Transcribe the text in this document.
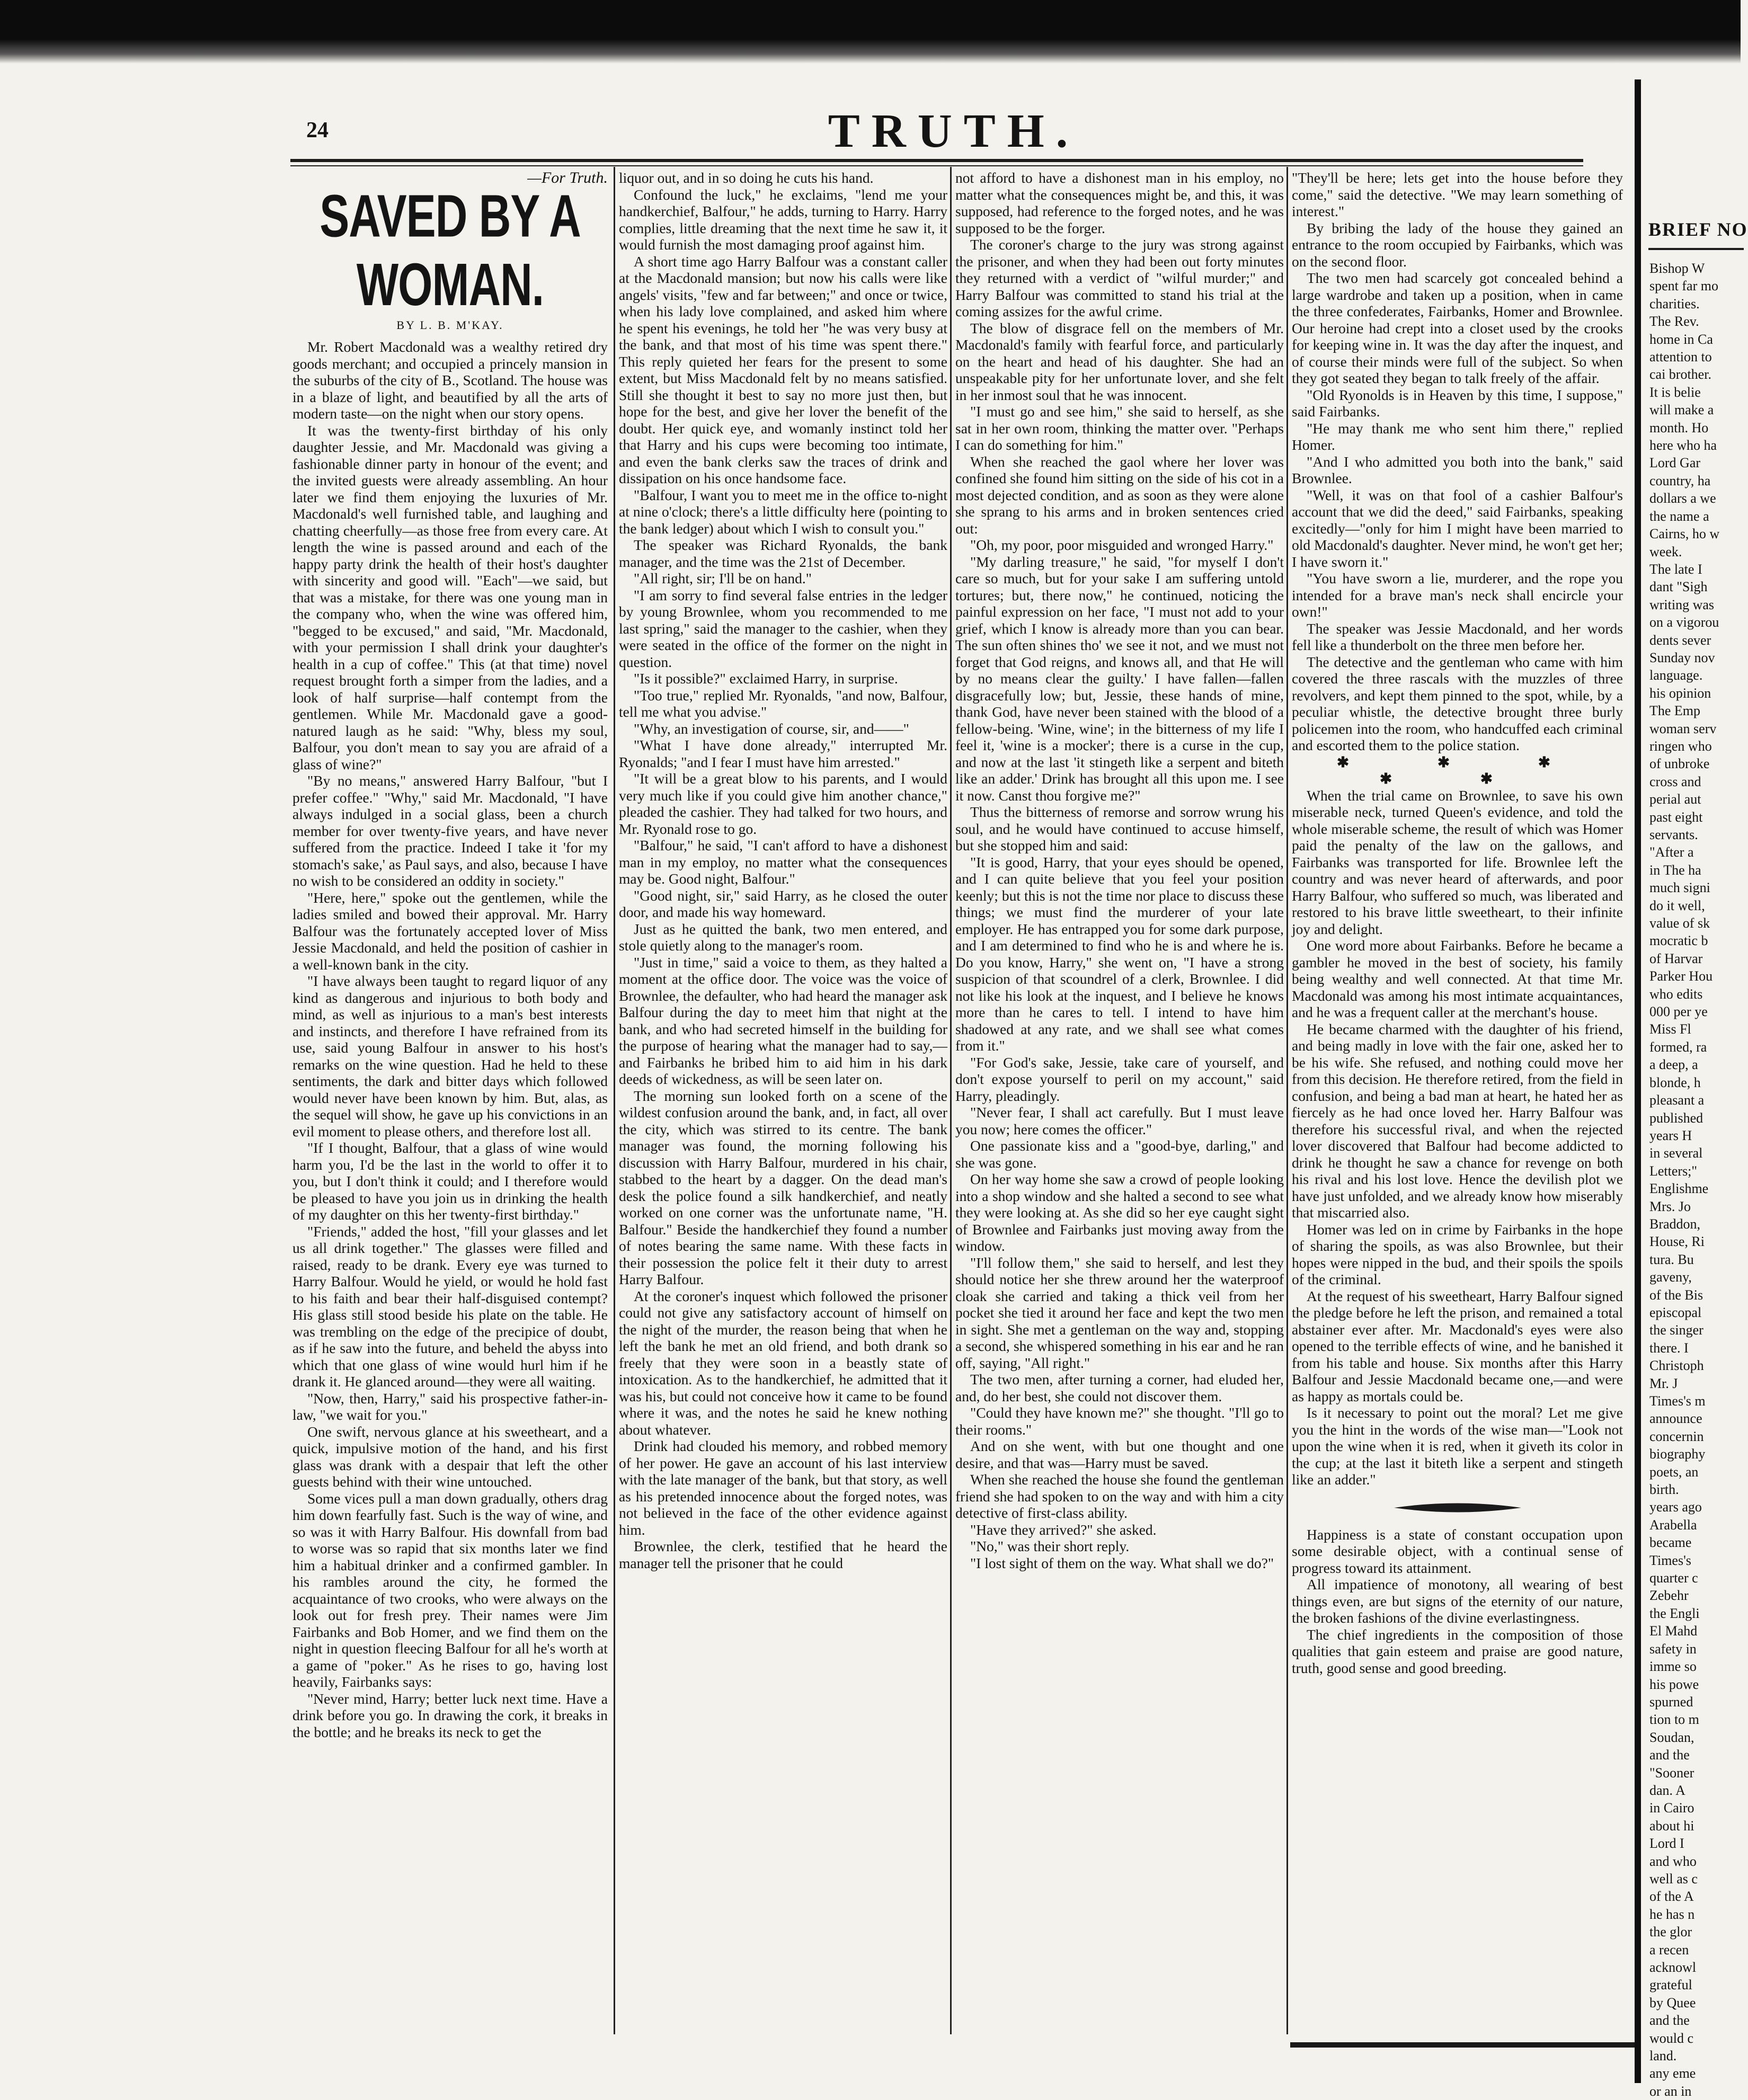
24	TRUTH.
—For Truth.
SAVED BY A WOMAN.
BY L. B. M'KAY.

Mr. Robert Macdonald was a wealthy retired dry goods merchant; and occupied a princely mansion in the suburbs of the city of B., Scotland. The house was in a blaze of light, and beautified by all the arts of modern taste—on the night when our story opens.

It was the twenty-first birthday of his only daughter Jessie, and Mr. Macdonald was giving a fashionable dinner party in honour of the event; and the invited guests were already assembling. An hour later we find them enjoying the luxuries of Mr. Macdonald's well furnished table, and laughing and chatting cheerfully—as those free from every care. At length the wine is passed around and each of the happy party drink the health of their host's daughter with sincerity and good will. "Each"—we said, but that was a mistake, for there was one young man in the company who, when the wine was offered him, "begged to be excused," and said, "Mr. Macdonald, with your permission I shall drink your daughter's health in a cup of coffee." This (at that time) novel request brought forth a simper from the ladies, and a look of half surprise—half contempt from the gentlemen. While Mr. Macdonald gave a good-natured laugh as he said: "Why, bless my soul, Balfour, you don't mean to say you are afraid of a glass of wine?"

"By no means," answered Harry Balfour, "but I prefer coffee." "Why," said Mr. Macdonald, "I have always indulged in a social glass, been a church member for over twenty-five years, and have never suffered from the practice. Indeed I take it 'for my stomach's sake,' as Paul says, and also, because I have no wish to be considered an oddity in society."

"Here, here," spoke out the gentlemen, while the ladies smiled and bowed their approval. Mr. Harry Balfour was the fortunately accepted lover of Miss Jessie Macdonald, and held the position of cashier in a well-known bank in the city.

"I have always been taught to regard liquor of any kind as dangerous and injurious to both body and mind, as well as injurious to a man's best interests and instincts, and therefore I have refrained from its use, said young Balfour in answer to his host's remarks on the wine question. Had he held to these sentiments, the dark and bitter days which followed would never have been known by him. But, alas, as the sequel will show, he gave up his convictions in an evil moment to please others, and therefore lost all.

"If I thought, Balfour, that a glass of wine would harm you, I'd be the last in the world to offer it to you, but I don't think it could; and I therefore would be pleased to have you join us in drinking the health of my daughter on this her twenty-first birthday."

"Friends," added the host, "fill your glasses and let us all drink together." The glasses were filled and raised, ready to be drank. Every eye was turned to Harry Balfour. Would he yield, or would he hold fast to his faith and bear their half-disguised contempt? His glass still stood beside his plate on the table. He was trembling on the edge of the precipice of doubt, as if he saw into the future, and beheld the abyss into which that one glass of wine would hurl him if he drank it. He glanced around—they were all waiting.

"Now, then, Harry," said his prospective father-in-law, "we wait for you."

One swift, nervous glance at his sweetheart, and a quick, impulsive motion of the hand, and his first glass was drank with a despair that left the other guests behind with their wine untouched.

Some vices pull a man down gradually, others drag him down fearfully fast. Such is the way of wine, and so was it with Harry Balfour. His downfall from bad to worse was so rapid that six months later we find him a habitual drinker and a confirmed gambler. In his rambles around the city, he formed the acquaintance of two crooks, who were always on the look out for fresh prey. Their names were Jim Fairbanks and Bob Homer, and we find them on the night in question fleecing Balfour for all he's worth at a game of "poker." As he rises to go, having lost heavily, Fairbanks says:

"Never mind, Harry; better luck next time. Have a drink before you go. In drawing the cork, it breaks in the bottle; and he breaks its neck to get the

liquor out, and in so doing he cuts his hand.

Confound the luck," he exclaims, "lend me your handkerchief, Balfour," he adds, turning to Harry. Harry complies, little dreaming that the next time he saw it, it would furnish the most damaging proof against him.

A short time ago Harry Balfour was a constant caller at the Macdonald mansion; but now his calls were like angels' visits, "few and far between;" and once or twice, when his lady love complained, and asked him where he spent his evenings, he told her "he was very busy at the bank, and that most of his time was spent there." This reply quieted her fears for the present to some extent, but Miss Macdonald felt by no means satisfied. Still she thought it best to say no more just then, but hope for the best, and give her lover the benefit of the doubt. Her quick eye, and womanly instinct told her that Harry and his cups were becoming too intimate, and even the bank clerks saw the traces of drink and dissipation on his once handsome face.

"Balfour, I want you to meet me in the office to-night at nine o'clock; there's a little difficulty here (pointing to the bank ledger) about which I wish to consult you."

The speaker was Richard Ryonalds, the bank manager, and the time was the 21st of December.

"All right, sir; I'll be on hand."

"I am sorry to find several false entries in the ledger by young Brownlee, whom you recommended to me last spring," said the manager to the cashier, when they were seated in the office of the former on the night in question.

"Is it possible?" exclaimed Harry, in surprise.

"Too true," replied Mr. Ryonalds, "and now, Balfour, tell me what you advise."

"Why, an investigation of course, sir, and——"

"What I have done already," interrupted Mr. Ryonalds; "and I fear I must have him arrested."

"It will be a great blow to his parents, and I would very much like if you could give him another chance," pleaded the cashier. They had talked for two hours, and Mr. Ryonald rose to go.

"Balfour," he said, "I can't afford to have a dishonest man in my employ, no matter what the consequences may be. Good night, Balfour."

"Good night, sir," said Harry, as he closed the outer door, and made his way homeward.

Just as he quitted the bank, two men entered, and stole quietly along to the manager's room.

"Just in time," said a voice to them, as they halted a moment at the office door. The voice was the voice of Brownlee, the defaulter, who had heard the manager ask Balfour during the day to meet him that night at the bank, and who had secreted himself in the building for the purpose of hearing what the manager had to say,—and Fairbanks he bribed him to aid him in his dark deeds of wickedness, as will be seen later on.

The morning sun looked forth on a scene of the wildest confusion around the bank, and, in fact, all over the city, which was stirred to its centre. The bank manager was found, the morning following his discussion with Harry Balfour, murdered in his chair, stabbed to the heart by a dagger. On the dead man's desk the police found a silk handkerchief, and neatly worked on one corner was the unfortunate name, "H. Balfour." Beside the handkerchief they found a number of notes bearing the same name. With these facts in their possession the police felt it their duty to arrest Harry Balfour.

At the coroner's inquest which followed the prisoner could not give any satisfactory account of himself on the night of the murder, the reason being that when he left the bank he met an old friend, and both drank so freely that they were soon in a beastly state of intoxication. As to the handkerchief, he admitted that it was his, but could not conceive how it came to be found where it was, and the notes he said he knew nothing about whatever.

Drink had clouded his memory, and robbed memory of her power. He gave an account of his last interview with the late manager of the bank, but that story, as well as his pretended innocence about the forged notes, was not believed in the face of the other evidence against him.

Brownlee, the clerk, testified that he heard the manager tell the prisoner that he could

not afford to have a dishonest man in his employ, no matter what the consequences might be, and this, it was supposed, had reference to the forged notes, and he was supposed to be the forger.

The coroner's charge to the jury was strong against the prisoner, and when they had been out forty minutes they returned with a verdict of "wilful murder;" and Harry Balfour was committed to stand his trial at the coming assizes for the awful crime.

The blow of disgrace fell on the members of Mr. Macdonald's family with fearful force, and particularly on the heart and head of his daughter. She had an unspeakable pity for her unfortunate lover, and she felt in her inmost soul that he was innocent.

"I must go and see him," she said to herself, as she sat in her own room, thinking the matter over. "Perhaps I can do something for him."

When she reached the gaol where her lover was confined she found him sitting on the side of his cot in a most dejected condition, and as soon as they were alone she sprang to his arms and in broken sentences cried out:

"Oh, my poor, poor misguided and wronged Harry."

"My darling treasure," he said, "for myself I don't care so much, but for your sake I am suffering untold tortures; but, there now," he continued, noticing the painful expression on her face, "I must not add to your grief, which I know is already more than you can bear. The sun often shines tho' we see it not, and we must not forget that God reigns, and knows all, and that He will by no means clear the guilty.' I have fallen—fallen disgracefully low; but, Jessie, these hands of mine, thank God, have never been stained with the blood of a fellow-being. 'Wine, wine'; in the bitterness of my life I feel it, 'wine is a mocker'; there is a curse in the cup, and now at the last 'it stingeth like a serpent and biteth like an adder.' Drink has brought all this upon me. I see it now. Canst thou forgive me?"

Thus the bitterness of remorse and sorrow wrung his soul, and he would have continued to accuse himself, but she stopped him and said:

"It is good, Harry, that your eyes should be opened, and I can quite believe that you feel your position keenly; but this is not the time nor place to discuss these things; we must find the murderer of your late employer. He has entrapped you for some dark purpose, and I am determined to find who he is and where he is. Do you know, Harry," she went on, "I have a strong suspicion of that scoundrel of a clerk, Brownlee. I did not like his look at the inquest, and I believe he knows more than he cares to tell. I intend to have him shadowed at any rate, and we shall see what comes from it."

"For God's sake, Jessie, take care of yourself, and don't expose yourself to peril on my account," said Harry, pleadingly.

"Never fear, I shall act carefully. But I must leave you now; here comes the officer."

One passionate kiss and a "good-bye, darling," and she was gone.

On her way home she saw a crowd of people looking into a shop window and she halted a second to see what they were looking at. As she did so her eye caught sight of Brownlee and Fairbanks just moving away from the window.

"I'll follow them," she said to herself, and lest they should notice her she threw around her the waterproof cloak she carried and taking a thick veil from her pocket she tied it around her face and kept the two men in sight. She met a gentleman on the way and, stopping a second, she whispered something in his ear and he ran off, saying, "All right."

The two men, after turning a corner, had eluded her, and, do her best, she could not discover them.

"Could they have known me?" she thought. "I'll go to their rooms."

And on she went, with but one thought and one desire, and that was—Harry must be saved.

When she reached the house she found the gentleman friend she had spoken to on the way and with him a city detective of first-class ability.

"Have they arrived?" she asked.

"No," was their short reply.

"I lost sight of them on the way. What shall we do?"

"They'll be here; lets get into the house before they come," said the detective. "We may learn something of interest."

By bribing the lady of the house they gained an entrance to the room occupied by Fairbanks, which was on the second floor.

The two men had scarcely got concealed behind a large wardrobe and taken up a position, when in came the three confederates, Fairbanks, Homer and Brownlee. Our heroine had crept into a closet used by the crooks for keeping wine in. It was the day after the inquest, and of course their minds were full of the subject. So when they got seated they began to talk freely of the affair.

"Old Ryonolds is in Heaven by this time, I suppose," said Fairbanks.

"He may thank me who sent him there," replied Homer.

"And I who admitted you both into the bank," said Brownlee.

"Well, it was on that fool of a cashier Balfour's account that we did the deed," said Fairbanks, speaking excitedly—"only for him I might have been married to old Macdonald's daughter. Never mind, he won't get her; I have sworn it."

"You have sworn a lie, murderer, and the rope you intended for a brave man's neck shall encircle your own!"

The speaker was Jessie Macdonald, and her words fell like a thunderbolt on the three men before her.

The detective and the gentleman who came with him covered the three rascals with the muzzles of three revolvers, and kept them pinned to the spot, while, by a peculiar whistle, the detective brought three burly policemen into the room, who handcuffed each criminal and escorted them to the police station.

✱ ✱ ✱ ✱ ✱

When the trial came on Brownlee, to save his own miserable neck, turned Queen's evidence, and told the whole miserable scheme, the result of which was Homer paid the penalty of the law on the gallows, and Fairbanks was transported for life. Brownlee left the country and was never heard of afterwards, and poor Harry Balfour, who suffered so much, was liberated and restored to his brave little sweetheart, to their infinite joy and delight.

One word more about Fairbanks. Before he became a gambler he moved in the best of society, his family being wealthy and well connected. At that time Mr. Macdonald was among his most intimate acquaintances, and he was a frequent caller at the merchant's house.

He became charmed with the daughter of his friend, and being madly in love with the fair one, asked her to be his wife. She refused, and nothing could move her from this decision. He therefore retired, from the field in confusion, and being a bad man at heart, he hated her as fiercely as he had once loved her. Harry Balfour was therefore his successful rival, and when the rejected lover discovered that Balfour had become addicted to drink he thought he saw a chance for revenge on both his rival and his lost love. Hence the devilish plot we have just unfolded, and we already know how miserably that miscarried also.

Homer was led on in crime by Fairbanks in the hope of sharing the spoils, as was also Brownlee, but their hopes were nipped in the bud, and their spoils the spoils of the criminal.

At the request of his sweetheart, Harry Balfour signed the pledge before he left the prison, and remained a total abstainer ever after. Mr. Macdonald's eyes were also opened to the terrible effects of wine, and he banished it from his table and house. Six months after this Harry Balfour and Jessie Macdonald became one,—and were as happy as mortals could be.

Is it necessary to point out the moral? Let me give you the hint in the words of the wise man—"Look not upon the wine when it is red, when it giveth its color in the cup; at the last it biteth like a serpent and stingeth like an adder."

Happiness is a state of constant occupation upon some desirable object, with a continual sense of progress toward its attainment.

All impatience of monotony, all wearing of best things even, are but signs of the eternity of our nature, the broken fashions of the divine everlastingness.

The chief ingredients in the composition of those qualities that gain esteem and praise are good nature, truth, good sense and good breeding.

BRIEF NO
Bishop W
spent far mo
charities.
The Rev.
home in Ca
attention to
cai brother.
It is belie
will make a
month. Ho
here who ha
Lord Gar
country, ha
dollars a we
the name a
Cairns, ho w
week.
The late I
dant "Sigh
writing was
on a vigorou
dents sever
Sunday nov
language.
his opinion
The Emp
woman serv
ringen who
of unbroke
cross and
perial aut
past eight
servants.
"After a
in The ha
much signi
do it well,
value of sk
mocratic b
of Harvar
Parker Hou
who edits
000 per ye
Miss Fl
formed, ra
a deep, a
blonde, h
pleasant a
published
years H
in several
Letters;"
Englishme
Mrs. Jo
Braddon,
House, Ri
tura. Bu
gaveny,
of the Bis
episcopal
the singer
there. I
Christoph
Mr. J
Times's m
announce
concernin
biography
poets, an
birth.
years ago
Arabella
became
Times's
quarter c
Zebehr
the Engli
El Mahd
safety in
imme so
his powe
spurned
tion to m
Soudan,
and the
"Sooner
dan. A
in Cairo
about hi
Lord I
and who
well as c
of the A
he has n
the glor
a recen
acknowl
grateful
by Quee
and the
would c
land.
any eme
or an in
